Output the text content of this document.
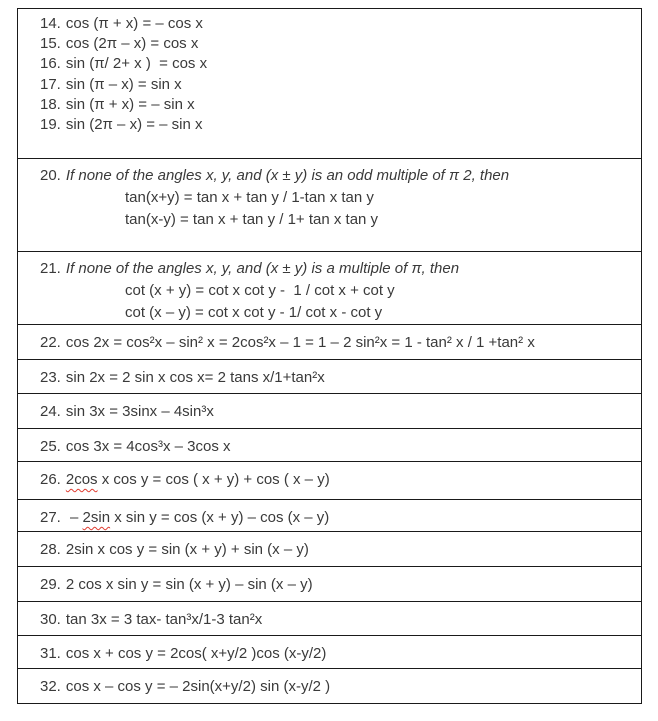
14. cos (π + x) = – cos x
15. cos (2π – x) = cos x
16. sin (π/ 2+ x )  = cos x
17. sin (π – x) = sin x
18. sin (π + x) = – sin x
19. sin (2π – x) = – sin x
20. If none of the angles x, y, and (x ± y) is an odd multiple of π 2, then
tan(x+y) = tan x + tan y / 1-tan x tan y
tan(x-y) = tan x + tan y / 1+ tan x tan y
21. If none of the angles x, y, and (x ± y) is a multiple of π, then
cot (x + y) = cot x cot y -  1 / cot x + cot y
cot (x – y) = cot x cot y - 1/ cot x - cot y
22. cos 2x = cos²x – sin² x = 2cos²x – 1 = 1 – 2 sin²x = 1 - tan² x / 1 +tan² x
23. sin 2x = 2 sin x cos x= 2 tans x/1+tan²x
24. sin 3x = 3sinx – 4sin³x
25. cos 3x = 4cos³x – 3cos x
26. 2cos x cos y = cos ( x + y) + cos ( x – y)
27. – 2sin x sin y = cos (x + y) – cos (x – y)
28. 2sin x cos y = sin (x + y) + sin (x – y)
29. 2 cos x sin y = sin (x + y) – sin (x – y)
30. tan 3x = 3 tax- tan³x/1-3 tan²x
31. cos x + cos y = 2cos( x+y/2 )cos (x-y/2)
32. cos x – cos y = – 2sin(x+y/2) sin (x-y/2 )
